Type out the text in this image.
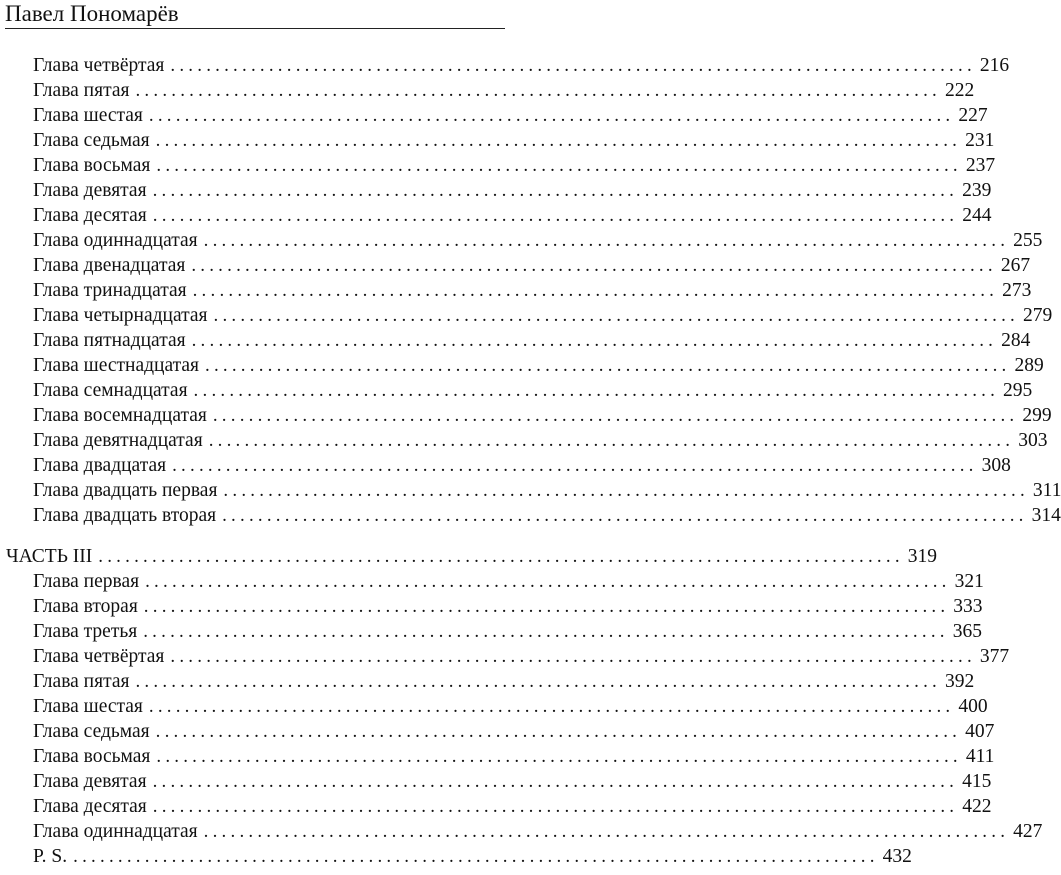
Павел Пономарёв
Глава четвёртая .......................................................................................... 216
Глава пятая .......................................................................................... 222
Глава шестая .......................................................................................... 227
Глава седьмая .......................................................................................... 231
Глава восьмая .......................................................................................... 237
Глава девятая .......................................................................................... 239
Глава десятая .......................................................................................... 244
Глава одиннадцатая .......................................................................................... 255
Глава двенадцатая .......................................................................................... 267
Глава тринадцатая .......................................................................................... 273
Глава четырнадцатая .......................................................................................... 279
Глава пятнадцатая .......................................................................................... 284
Глава шестнадцатая .......................................................................................... 289
Глава семнадцатая .......................................................................................... 295
Глава восемнадцатая .......................................................................................... 299
Глава девятнадцатая .......................................................................................... 303
Глава двадцатая .......................................................................................... 308
Глава двадцать первая .......................................................................................... 311
Глава двадцать вторая .......................................................................................... 314
ЧАСТЬ III .......................................................................................... 319
Глава первая .......................................................................................... 321
Глава вторая .......................................................................................... 333
Глава третья .......................................................................................... 365
Глава четвёртая .......................................................................................... 377
Глава пятая .......................................................................................... 392
Глава шестая .......................................................................................... 400
Глава седьмая .......................................................................................... 407
Глава восьмая .......................................................................................... 411
Глава девятая .......................................................................................... 415
Глава десятая .......................................................................................... 422
Глава одиннадцатая .......................................................................................... 427
P. S. .......................................................................................... 432
